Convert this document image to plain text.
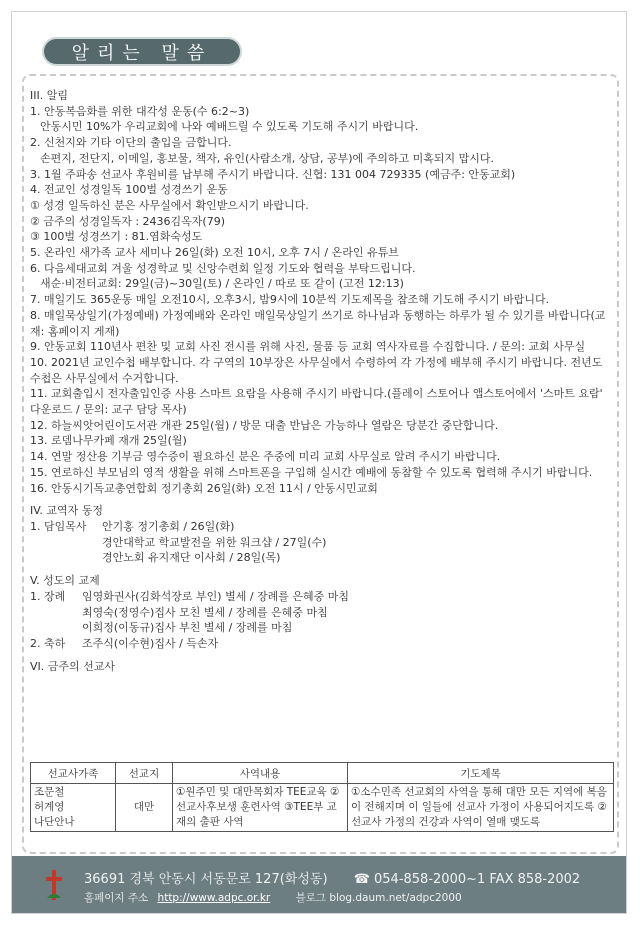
알리는 말씀
III. 알림
1. 안동복음화를 위한 대각성 운동(수 6:2~3)
안동시민 10%가 우리교회에 나와 예배드릴 수 있도록 기도해 주시기 바랍니다.
2. 신천지와 기타 이단의 출입을 금합니다.
손편지, 전단지, 이메일, 홍보물, 책자, 유인(사람소개, 상담, 공부)에 주의하고 미혹되지 맙시다.
3. 1월 주파송 선교사 후원비를 납부해 주시기 바랍니다. 신협: 131 004 729335 (예금주: 안동교회)
4. 전교인 성경일독 100벌 성경쓰기 운동
① 성경 일독하신 분은 사무실에서 확인받으시기 바랍니다.
② 금주의 성경일독자 : 2436김옥자(79)
③ 100벌 성경쓰기 : 81.염화숙성도
5. 온라인 새가족 교사 세미나 26일(화) 오전 10시, 오후 7시 / 온라인 유튜브
6. 다음세대교회 겨울 성경학교 및 신앙수련회 일정 기도와 협력을 부탁드립니다.
새순·비전터교회: 29일(금)~30일(토) / 온라인 / 따로 또 같이 (고전 12:13)
7. 매일기도 365운동 매일 오전10시, 오후3시, 밤9시에 10분씩 기도제목을 참조해 기도해 주시기 바랍니다.
8. 매일묵상일기(가정예배) 가정예배와 온라인 매일묵상일기 쓰기로 하나님과 동행하는 하루가 될 수 있기를 바랍니다(교재: 홈페이지 게재)
9. 안동교회 110년사 편찬 및 교회 사진 전시를 위해 사진, 물품 등 교회 역사자료를 수집합니다. / 문의: 교회 사무실
10. 2021년 교인수첩 배부합니다. 각 구역의 10부장은 사무실에서 수령하여 각 가정에 배부해 주시기 바랍니다. 전년도 수첩은 사무실에서 수거합니다.
11. 교회출입시 전자출입인증 사용 스마트 요람을 사용해 주시기 바랍니다.(플레이 스토어나 앱스토어에서 '스마트 요람' 다운로드 / 문의: 교구 담당 목사)
12. 하늘씨앗어린이도서관 개관 25일(월) / 방문 대출 반납은 가능하나 열람은 당분간 중단합니다.
13. 로뎀나무카페 재개 25일(월)
14. 연말 정산용 기부금 영수증이 필요하신 분은 주중에 미리 교회 사무실로 알려 주시기 바랍니다.
15. 연로하신 부모님의 영적 생활을 위해 스마트폰을 구입해 실시간 예배에 동참할 수 있도록 협력해 주시기 바랍니다.
16. 안동시기독교총연합회 정기총회 26일(화) 오전 11시 / 안동시민교회
IV. 교역자 동정
1. 담임목사	안기홍 정기총회 / 26일(화)
경안대학교 학교발전을 위한 워크샵 / 27일(수)
경안노회 유지재단 이사회 / 28일(목)
V. 성도의 교제
1. 장례	임영화권사(김화석장로 부인) 별세 / 장례를 은혜중 마침
최영숙(정영수)집사 모친 별세 / 장례를 은혜중 마침
이희정(이동규)집사 부친 별세 / 장례를 마침
2. 축하	조주식(이수현)집사 / 득손자
VI. 금주의 선교사
선교사가족	선교지	사역내용	기도제목

조문철
허계영
나단안나	대만	①원주민 및 대만목회자 TEE교육 ②선교사후보생 훈련사역 ③TEE부 교재의 출판 사역	①소수민족 선교회의 사역을 통해 대만 모든 지역에 복음이 전해지며 이 일들에 선교사 가정이 사용되어지도록 ②선교사 가정의 건강과 사역이 열매 맺도록
36691 경북 안동시 서동문로 127(화성동) ☎ 054-858-2000~1 FAX 858-2002
홈페이지 주소 http://www.adpc.or.kr 블로그 blog.daum.net/adpc2000
